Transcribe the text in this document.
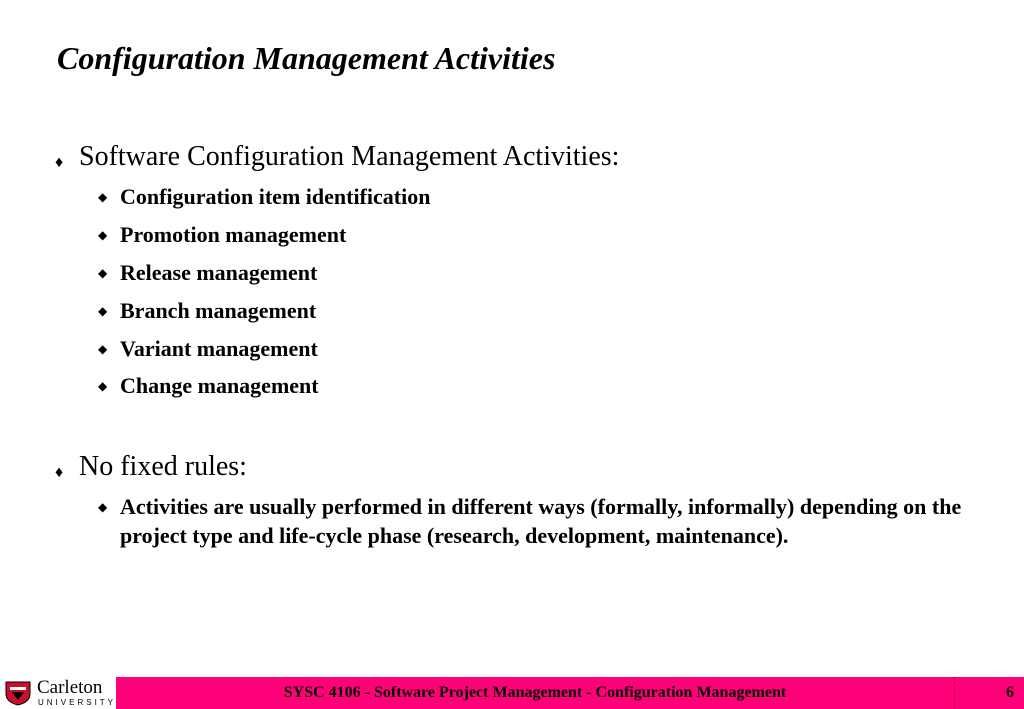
Configuration Management Activities
♦ Software Configuration Management Activities:
◆ Configuration item identification
◆ Promotion management
◆ Release management
◆ Branch management
◆ Variant management
◆ Change management
♦ No fixed rules:
◆ Activities are usually performed in different ways (formally, informally) depending on the project type and life-cycle phase (research, development, maintenance).
Carleton
UNIVERSITY
SYSC 4106 - Software Project Management - Configuration Management	6
